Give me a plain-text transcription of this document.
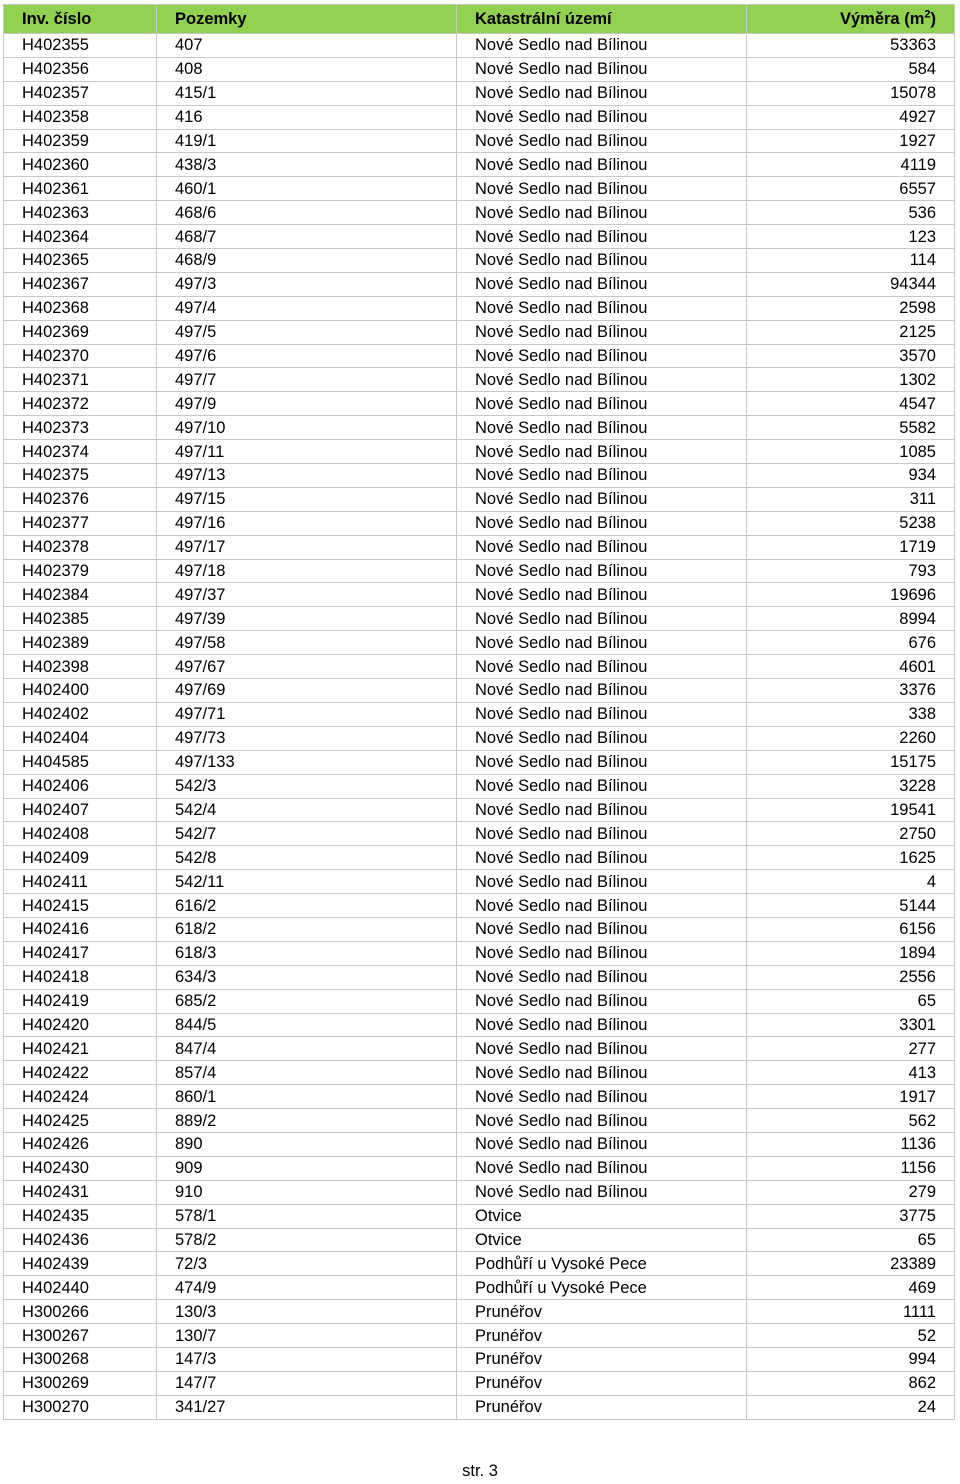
Inv. číslo	Pozemky	Katastrální území	Výměra $(m^2)$
H402355	407	Nové Sedlo nad Bílinou	53363
H402356	408	Nové Sedlo nad Bílinou	584
H402357	415/1	Nové Sedlo nad Bílinou	15078
H402358	416	Nové Sedlo nad Bílinou	4927
H402359	419/1	Nové Sedlo nad Bílinou	1927
H402360	438/3	Nové Sedlo nad Bílinou	4119
H402361	460/1	Nové Sedlo nad Bílinou	6557
H402363	468/6	Nové Sedlo nad Bílinou	536
H402364	468/7	Nové Sedlo nad Bílinou	123
H402365	468/9	Nové Sedlo nad Bílinou	114
H402367	497/3	Nové Sedlo nad Bílinou	94344
H402368	497/4	Nové Sedlo nad Bílinou	2598
H402369	497/5	Nové Sedlo nad Bílinou	2125
H402370	497/6	Nové Sedlo nad Bílinou	3570
H402371	497/7	Nové Sedlo nad Bílinou	1302
H402372	497/9	Nové Sedlo nad Bílinou	4547
H402373	497/10	Nové Sedlo nad Bílinou	5582
H402374	497/11	Nové Sedlo nad Bílinou	1085
H402375	497/13	Nové Sedlo nad Bílinou	934
H402376	497/15	Nové Sedlo nad Bílinou	311
H402377	497/16	Nové Sedlo nad Bílinou	5238
H402378	497/17	Nové Sedlo nad Bílinou	1719
H402379	497/18	Nové Sedlo nad Bílinou	793
H402384	497/37	Nové Sedlo nad Bílinou	19696
H402385	497/39	Nové Sedlo nad Bílinou	8994
H402389	497/58	Nové Sedlo nad Bílinou	676
H402398	497/67	Nové Sedlo nad Bílinou	4601
H402400	497/69	Nové Sedlo nad Bílinou	3376
H402402	497/71	Nové Sedlo nad Bílinou	338
H402404	497/73	Nové Sedlo nad Bílinou	2260
H404585	497/133	Nové Sedlo nad Bílinou	15175
H402406	542/3	Nové Sedlo nad Bílinou	3228
H402407	542/4	Nové Sedlo nad Bílinou	19541
H402408	542/7	Nové Sedlo nad Bílinou	2750
H402409	542/8	Nové Sedlo nad Bílinou	1625
H402411	542/11	Nové Sedlo nad Bílinou	4
H402415	616/2	Nové Sedlo nad Bílinou	5144
H402416	618/2	Nové Sedlo nad Bílinou	6156
H402417	618/3	Nové Sedlo nad Bílinou	1894
H402418	634/3	Nové Sedlo nad Bílinou	2556
H402419	685/2	Nové Sedlo nad Bílinou	65
H402420	844/5	Nové Sedlo nad Bílinou	3301
H402421	847/4	Nové Sedlo nad Bílinou	277
H402422	857/4	Nové Sedlo nad Bílinou	413
H402424	860/1	Nové Sedlo nad Bílinou	1917
H402425	889/2	Nové Sedlo nad Bílinou	562
H402426	890	Nové Sedlo nad Bílinou	1136
H402430	909	Nové Sedlo nad Bílinou	1156
H402431	910	Nové Sedlo nad Bílinou	279
H402435	578/1	Otvice	3775
H402436	578/2	Otvice	65
H402439	72/3	Podhůří u Vysoké Pece	23389
H402440	474/9	Podhůří u Vysoké Pece	469
H300266	130/3	Prunéřov	1111
H300267	130/7	Prunéřov	52
H300268	147/3	Prunéřov	994
H300269	147/7	Prunéřov	862
H300270	341/27	Prunéřov	24
str. 3
